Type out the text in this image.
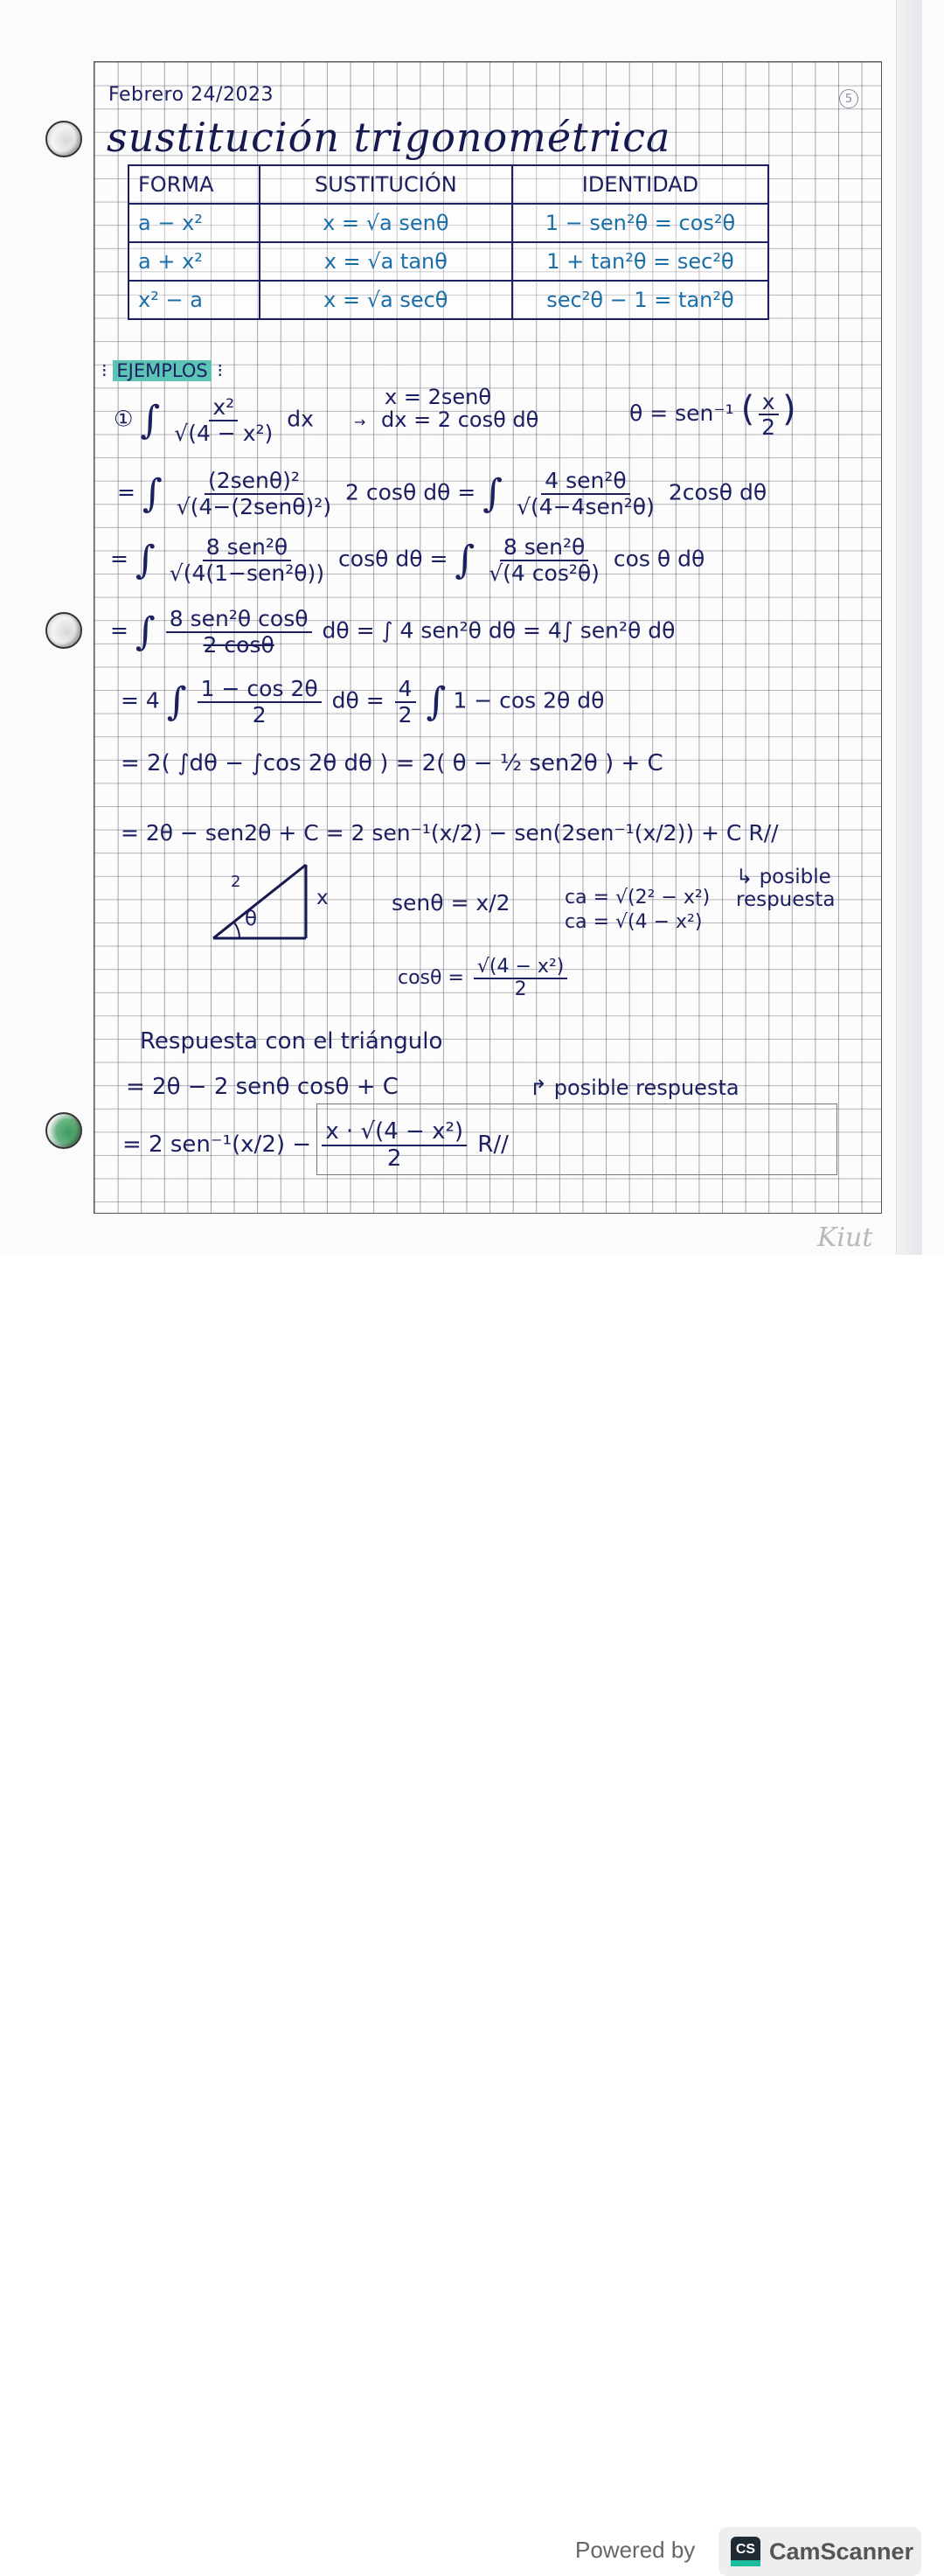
5
Febrero 24/2023
sustitución trigonométrica
FORMA	SUSTITUCIÓN	IDENTIDAD
a − x²	x = √a senθ	1 − sen²θ = cos²θ
a + x²	x = √a tanθ	1 + tan²θ = sec²θ
x² − a	x = √a secθ	sec²θ − 1 = tan²θ
⁝ EJEMPLOS ⁝
① ∫ $\frac{\text{x²}}{\text{√(4 − x²)}}$ dx	→
x = 2senθ
dx = 2 cosθ dθ	θ = sen⁻¹ ( $\frac{x}{2}$ )
= ∫ $\frac{\text{(2senθ)²}}{\text{√(4−(2senθ)²)}} 2$ cosθ dθ = ∫ $\frac{\text{4 sen²θ}}{\text{√(4−4sen²θ)}} 2\cos\theta$ dθ
= ∫ $\frac{\text{8 sen²θ}}{\text{√(4(1−sen²θ))}}$ cosθ dθ = ∫ $\frac{\text{8 sen²θ}}{\text{√(4 cos²θ)}}$ cos θ dθ
= ∫ $\frac{\text{8 sen²θ cosθ}}{2 \cos\theta}$ dθ = ∫ 4 sen²θ dθ = 4∫ sen²θ dθ
= 4 ∫ $\frac{1 - \cos 2\theta}{2}$ $d\theta = \frac{4}{2}$ ∫ 1 − cos 2θ dθ
= 2( ∫dθ − ∫cos 2θ dθ ) = 2( θ − ½ sen2θ ) + C
= 2θ − sen2θ + C = 2 sen⁻¹(x/2) − sen(2sen⁻¹(x/2)) + C R//
↳ posible respuesta
2
x
θ
senθ = x/2	ca = √(2² − x²)
ca = √(4 − x²)
$\cos\theta = \frac{\text{√(4 − x²)}}{2}$
Respuesta con el triángulo
= 2θ − 2 senθ cosθ + C	↱ posible respuesta
= 2 $sen^{-1}(x/2) - \frac{\text{x · √(4 − x²)}}{2} R//$
Kiut
Powered by	CS CamScanner
